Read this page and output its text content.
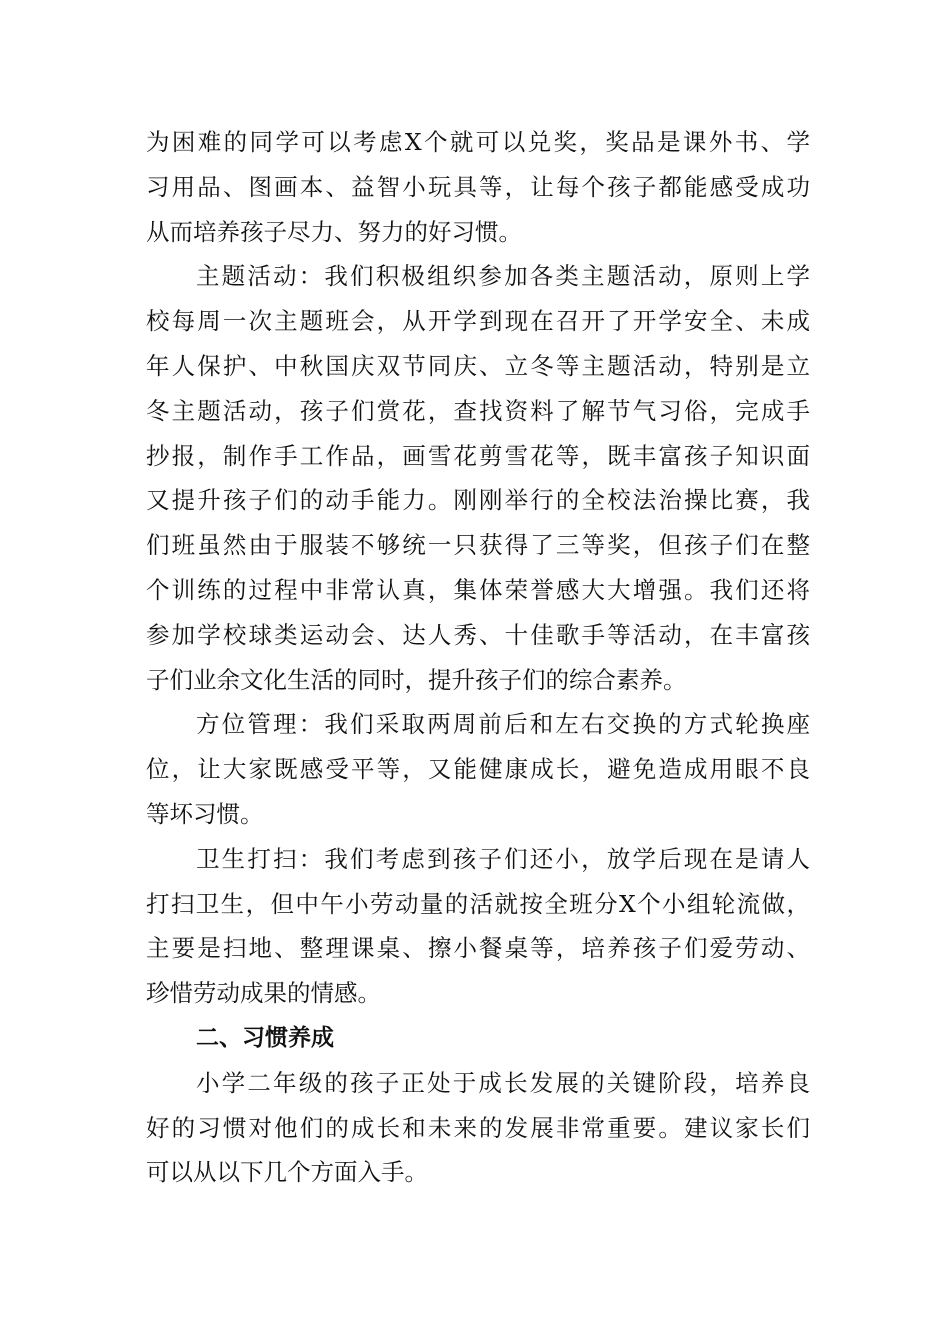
为困难的同学可以考虑X个就可以兑奖，奖品是课外书、学
习用品、图画本、益智小玩具等，让每个孩子都能感受成功
从而培养孩子尽力、努力的好习惯。
主题活动：我们积极组织参加各类主题活动，原则上学
校每周一次主题班会，从开学到现在召开了开学安全、未成
年人保护、中秋国庆双节同庆、立冬等主题活动，特别是立
冬主题活动，孩子们赏花，查找资料了解节气习俗，完成手
抄报，制作手工作品，画雪花剪雪花等，既丰富孩子知识面
又提升孩子们的动手能力。刚刚举行的全校法治操比赛，我
们班虽然由于服装不够统一只获得了三等奖，但孩子们在整
个训练的过程中非常认真，集体荣誉感大大增强。我们还将
参加学校球类运动会、达人秀、十佳歌手等活动，在丰富孩
子们业余文化生活的同时，提升孩子们的综合素养。
方位管理：我们采取两周前后和左右交换的方式轮换座
位，让大家既感受平等，又能健康成长，避免造成用眼不良
等坏习惯。
卫生打扫：我们考虑到孩子们还小，放学后现在是请人
打扫卫生，但中午小劳动量的活就按全班分X个小组轮流做，
主要是扫地、整理课桌、擦小餐桌等，培养孩子们爱劳动、
珍惜劳动成果的情感。
二、习惯养成
小学二年级的孩子正处于成长发展的关键阶段，培养良
好的习惯对他们的成长和未来的发展非常重要。建议家长们
可以从以下几个方面入手。
